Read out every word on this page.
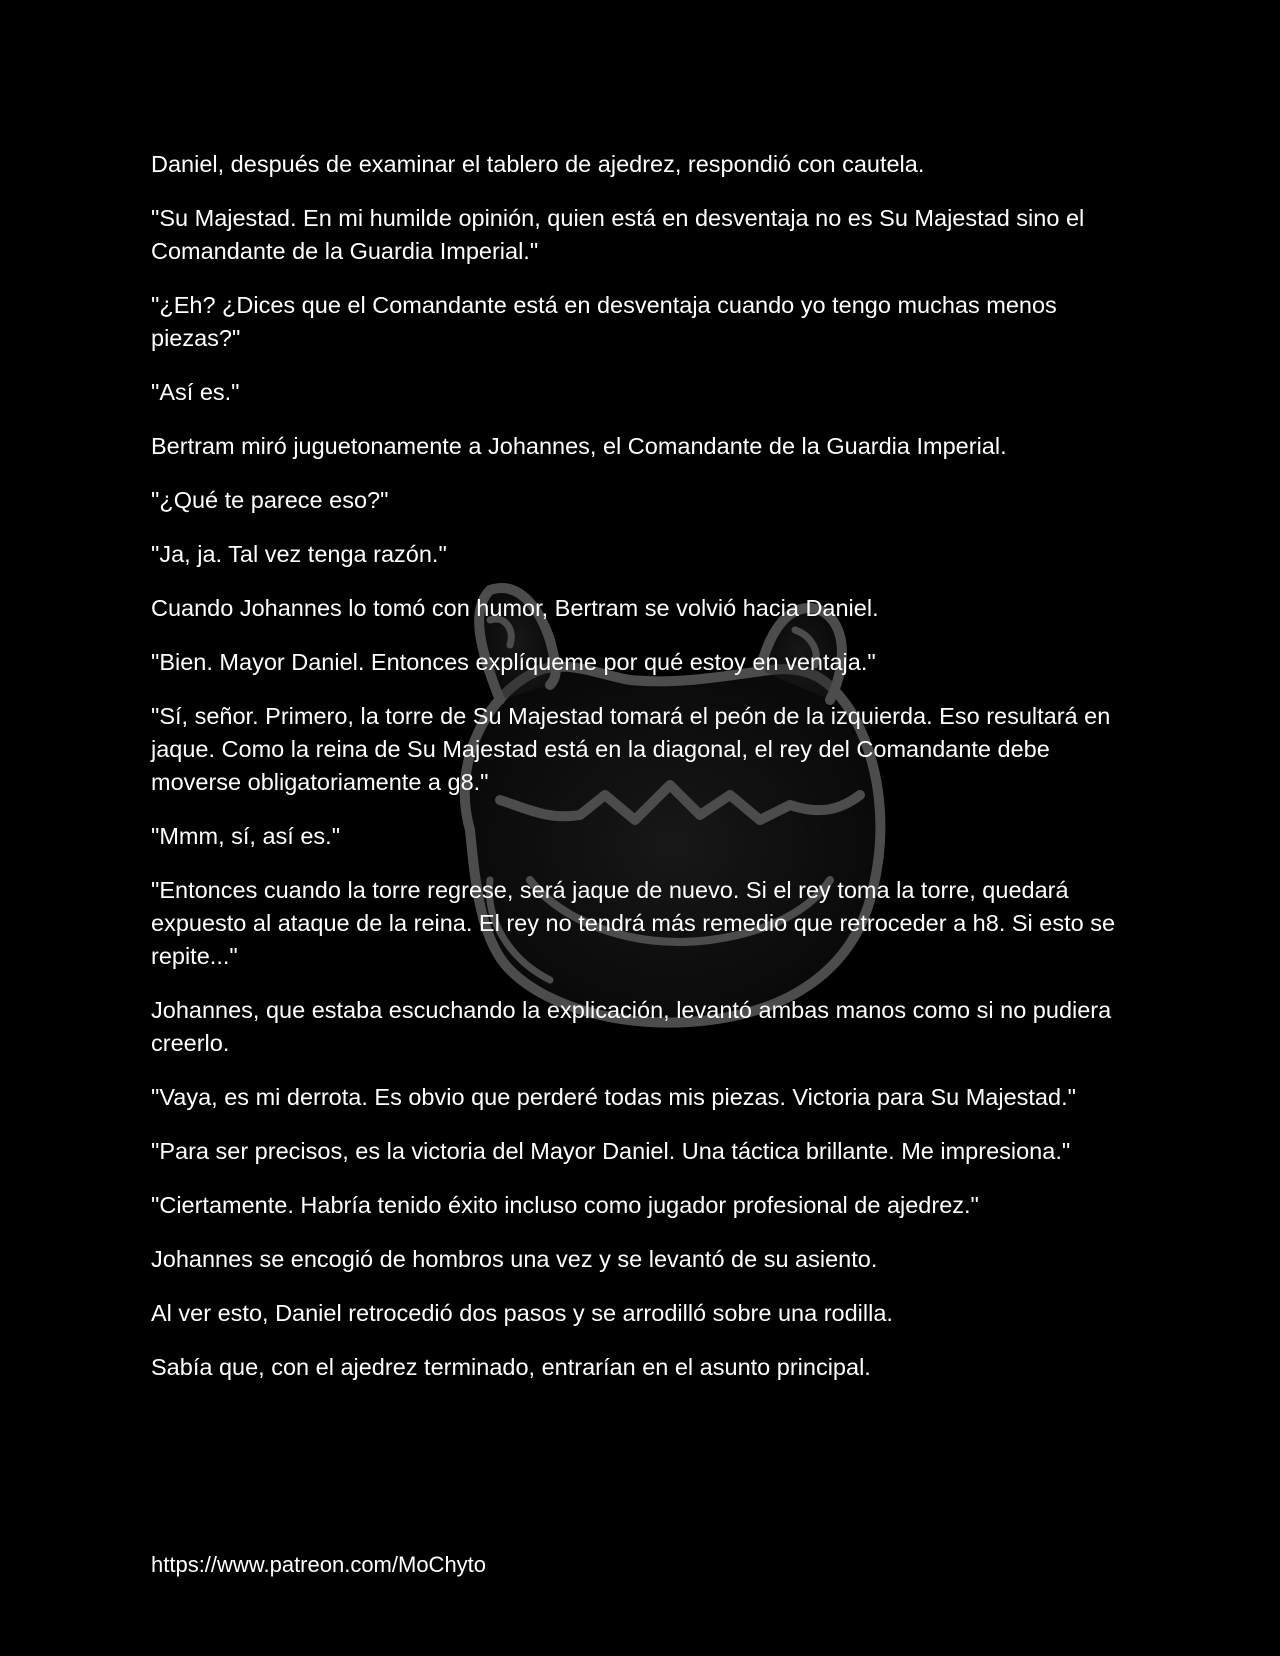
Daniel, después de examinar el tablero de ajedrez, respondió con cautela.

"Su Majestad. En mi humilde opinión, quien está en desventaja no es Su Majestad sino el Comandante de la Guardia Imperial."

"¿Eh? ¿Dices que el Comandante está en desventaja cuando yo tengo muchas menos piezas?"

"Así es."

Bertram miró juguetonamente a Johannes, el Comandante de la Guardia Imperial.

"¿Qué te parece eso?"

"Ja, ja. Tal vez tenga razón."

Cuando Johannes lo tomó con humor, Bertram se volvió hacia Daniel.

"Bien. Mayor Daniel. Entonces explíqueme por qué estoy en ventaja."

"Sí, señor. Primero, la torre de Su Majestad tomará el peón de la izquierda. Eso resultará en jaque. Como la reina de Su Majestad está en la diagonal, el rey del Comandante debe moverse obligatoriamente a g8."

"Mmm, sí, así es."

"Entonces cuando la torre regrese, será jaque de nuevo. Si el rey toma la torre, quedará expuesto al ataque de la reina. El rey no tendrá más remedio que retroceder a h8. Si esto se repite..."

Johannes, que estaba escuchando la explicación, levantó ambas manos como si no pudiera creerlo.

"Vaya, es mi derrota. Es obvio que perderé todas mis piezas. Victoria para Su Majestad."

"Para ser precisos, es la victoria del Mayor Daniel. Una táctica brillante. Me impresiona."

"Ciertamente. Habría tenido éxito incluso como jugador profesional de ajedrez."

Johannes se encogió de hombros una vez y se levantó de su asiento.

Al ver esto, Daniel retrocedió dos pasos y se arrodilló sobre una rodilla.

Sabía que, con el ajedrez terminado, entrarían en el asunto principal.

https://www.patreon.com/MoChyto
